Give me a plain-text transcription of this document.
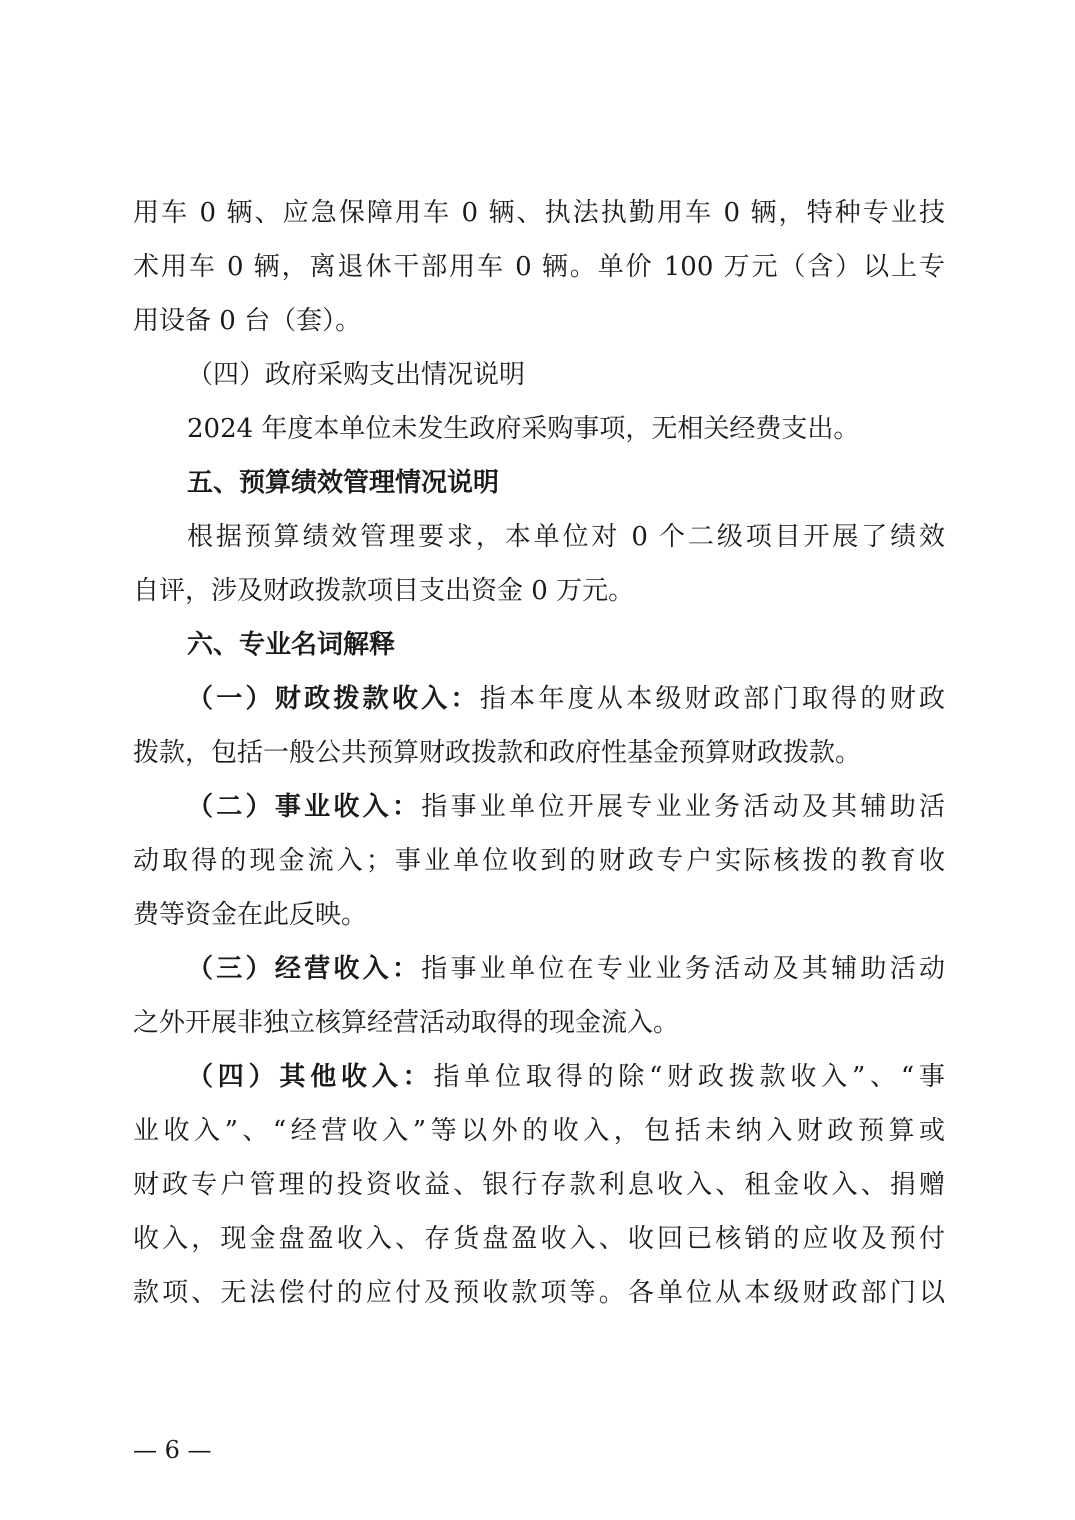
用车 0 辆、应急保障用车 0 辆、执法执勤用车 0 辆，特种专业技
术用车 0 辆，离退休干部用车 0 辆。单价 100 万元（含）以上专
用设备 0 台（套）。
（四）政府采购支出情况说明
2024 年度本单位未发生政府采购事项，无相关经费支出。
五、预算绩效管理情况说明
根据预算绩效管理要求，本单位对 0 个二级项目开展了绩效
自评，涉及财政拨款项目支出资金 0 万元。
六、专业名词解释
（一）财政拨款收入：指本年度从本级财政部门取得的财政
拨款，包括一般公共预算财政拨款和政府性基金预算财政拨款。
（二）事业收入：指事业单位开展专业业务活动及其辅助活
动取得的现金流入；事业单位收到的财政专户实际核拨的教育收
费等资金在此反映。
（三）经营收入：指事业单位在专业业务活动及其辅助活动
之外开展非独立核算经营活动取得的现金流入。
（四）其他收入：指单位取得的除“财政拨款收入”、“事
业收入”、“经营收入”等以外的收入，包括未纳入财政预算或
财政专户管理的投资收益、银行存款利息收入、租金收入、捐赠
收入，现金盘盈收入、存货盘盈收入、收回已核销的应收及预付
款项、无法偿付的应付及预收款项等。各单位从本级财政部门以
— 6 —
